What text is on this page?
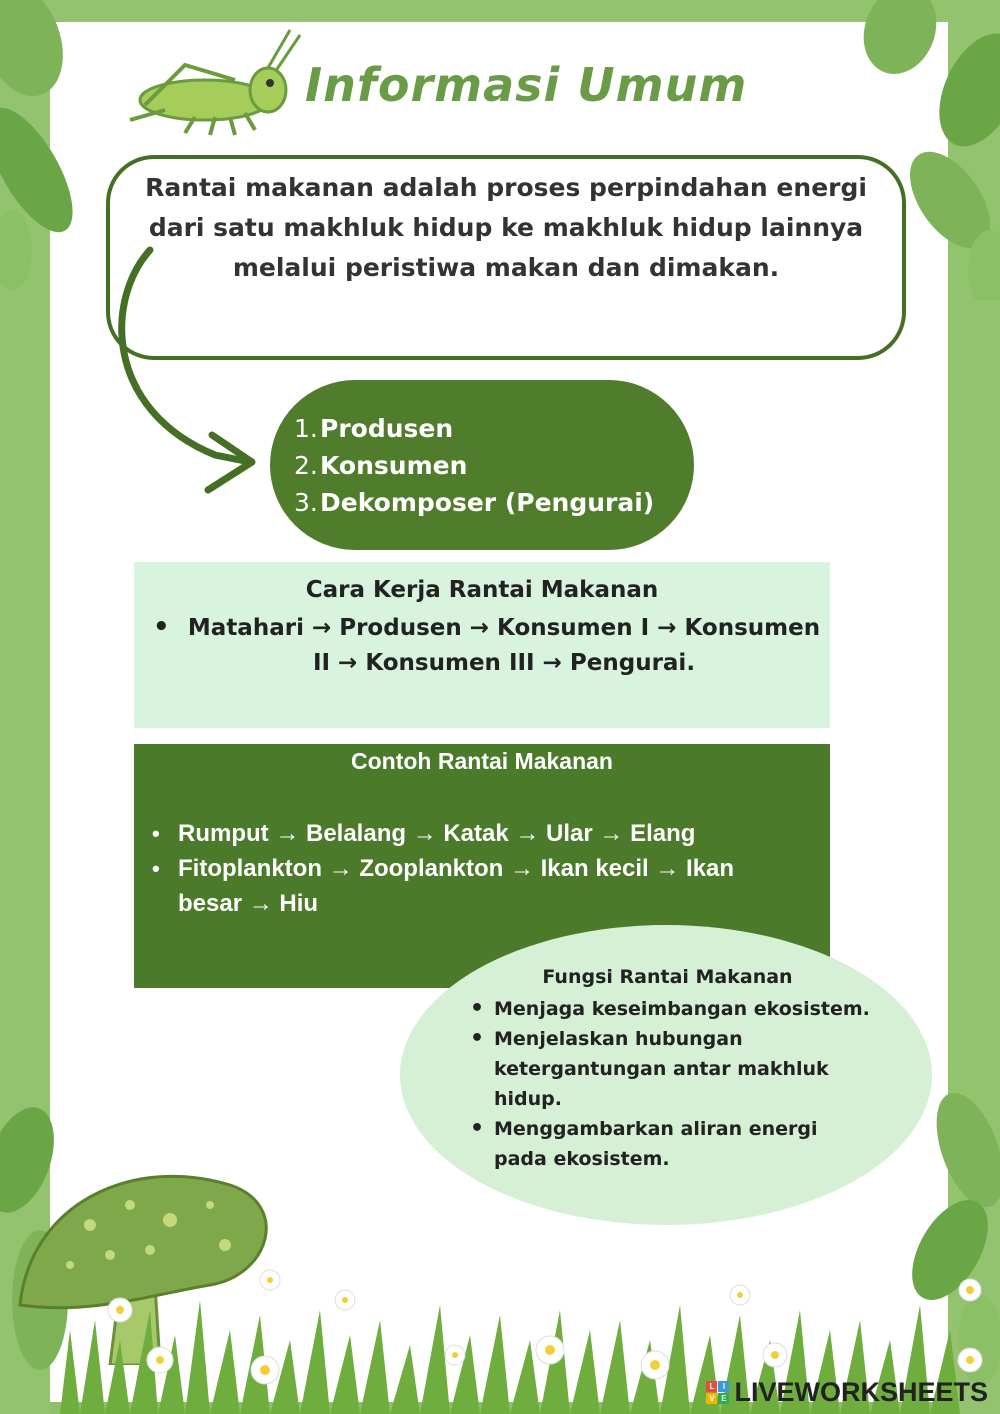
Informasi Umum

Rantai makanan adalah proses perpindahan energi dari satu makhluk hidup ke makhluk hidup lainnya melalui peristiwa makan dan dimakan.

1. Produsen
2. Konsumen
3. Dekomposer (Pengurai)

Cara Kerja Rantai Makanan

• Matahari → Produsen → Konsumen I → Konsumen II → Konsumen III → Pengurai.

Contoh Rantai Makanan

• Rumput → Belalang → Katak → Ular → Elang
• Fitoplankton → Zooplankton → Ikan kecil → Ikan besar → Hiu

Fungsi Rantai Makanan

• Menjaga keseimbangan ekosistem.
• Menjelaskan hubungan ketergantungan antar makhluk hidup.
• Menggambarkan aliran energi pada ekosistem.
L	I
V E LIVEWORKSHEETS
